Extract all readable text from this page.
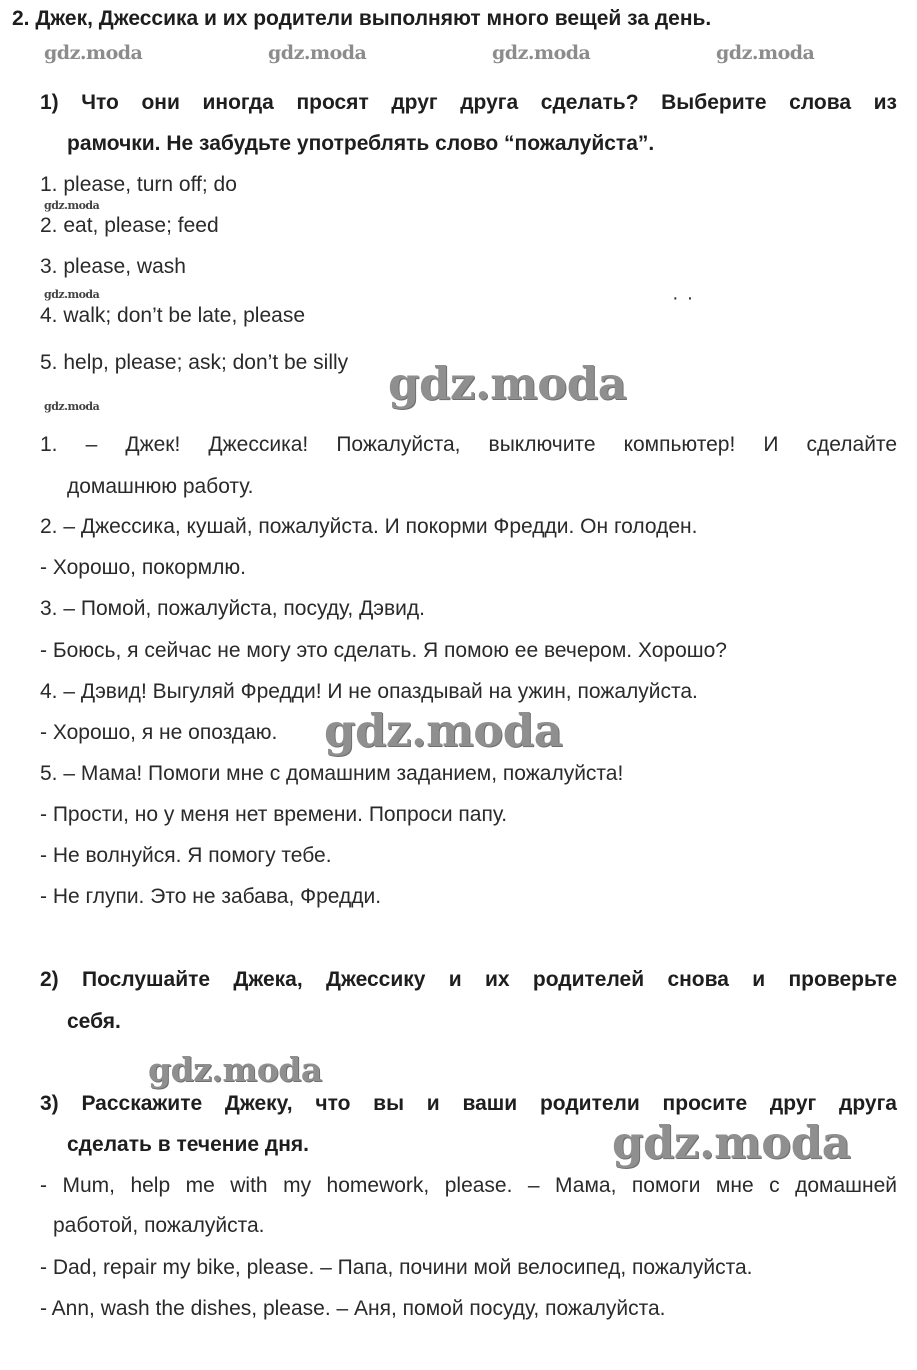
2. Джек, Джессика и их родители выполняют много вещей за день.
gdz.moda	gdz.moda	gdz.moda	gdz.moda
1) Что они иногда просят друг друга сделать? Выберите слова из
рамочки. Не забудьте употреблять слово “пожалуйста”.
1. please, turn off; do
gdz.moda
2. eat, please; feed
3. please, wash
gdz.moda
4. walk; don’t be late, please
··
5. help, please; ask; don’t be silly gdz.moda
gdz.moda
1. – Джек! Джессика! Пожалуйста, выключите компьютер! И сделайте
домашнюю работу.
2. – Джессика, кушай, пожалуйста. И покорми Фредди. Он голоден.
- Хорошо, покормлю.
3. – Помой, пожалуйста, посуду, Дэвид.
- Боюсь, я сейчас не могу это сделать. Я помою ее вечером. Хорошо?
4. – Дэвид! Выгуляй Фредди! И не опаздывай на ужин, пожалуйста.
- Хорошо, я не опоздаю.	gdz.moda
5. – Мама! Помоги мне с домашним заданием, пожалуйста!
- Прости, но у меня нет времени. Попроси папу.
- Не волнуйся. Я помогу тебе.
- Не глупи. Это не забава, Фредди.
2) Послушайте Джека, Джессику и их родителей снова и проверьте
себя.
gdz.moda
3) Расскажите Джеку, что вы и ваши родители просите друг друга
сделать в течение дня.	gdz.moda
- Mum, help me with my homework, please. – Мама, помоги мне с домашней
работой, пожалуйста.
- Dad, repair my bike, please. – Папа, почини мой велосипед, пожалуйста.
- Ann, wash the dishes, please. – Аня, помой посуду, пожалуйста.
